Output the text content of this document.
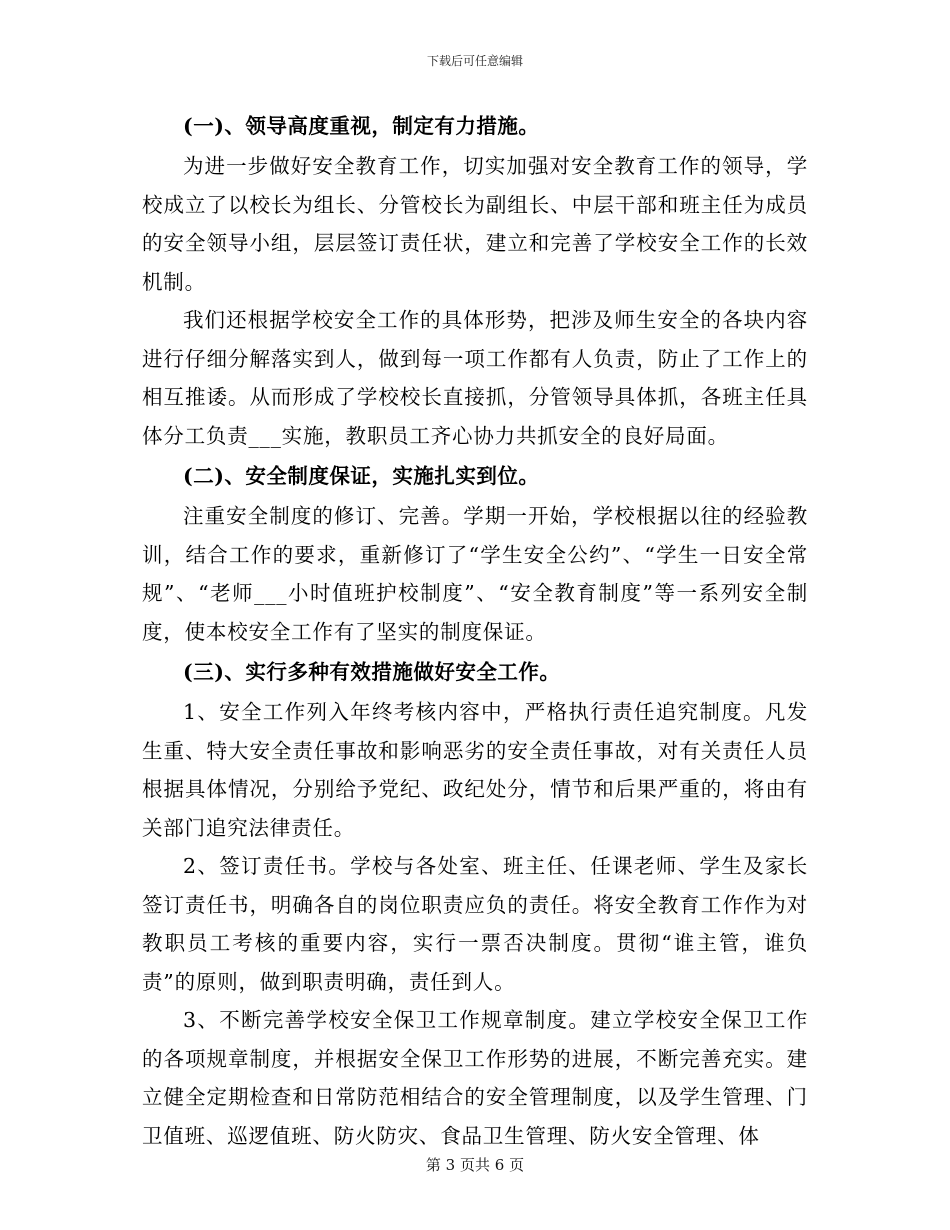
下载后可任意编辑

(一)、领导高度重视，制定有力措施。

为进一步做好安全教育工作，切实加强对安全教育工作的领导，学校成立了以校长为组长、分管校长为副组长、中层干部和班主任为成员的安全领导小组，层层签订责任状，建立和完善了学校安全工作的长效机制。

我们还根据学校安全工作的具体形势，把涉及师生安全的各块内容进行仔细分解落实到人，做到每一项工作都有人负责，防止了工作上的相互推诿。从而形成了学校校长直接抓，分管领导具体抓，各班主任具体分工负责___实施，教职员工齐心协力共抓安全的良好局面。

(二)、安全制度保证，实施扎实到位。

注重安全制度的修订、完善。学期一开始，学校根据以往的经验教训，结合工作的要求，重新修订了“学生安全公约”、“学生一日安全常规”、“老师___小时值班护校制度”、“安全教育制度”等一系列安全制度，使本校安全工作有了坚实的制度保证。

(三)、实行多种有效措施做好安全工作。

1、安全工作列入年终考核内容中，严格执行责任追究制度。凡发生重、特大安全责任事故和影响恶劣的安全责任事故，对有关责任人员根据具体情况，分别给予党纪、政纪处分，情节和后果严重的，将由有关部门追究法律责任。

2、签订责任书。学校与各处室、班主任、任课老师、学生及家长签订责任书，明确各自的岗位职责应负的责任。将安全教育工作作为对教职员工考核的重要内容，实行一票否决制度。贯彻“谁主管，谁负责”的原则，做到职责明确，责任到人。

3、不断完善学校安全保卫工作规章制度。建立学校安全保卫工作的各项规章制度，并根据安全保卫工作形势的进展，不断完善充实。建立健全定期检查和日常防范相结合的安全管理制度，以及学生管理、门卫值班、巡逻值班、防火防灾、食品卫生管理、防火安全管理、体

第 3 页共 6 页
